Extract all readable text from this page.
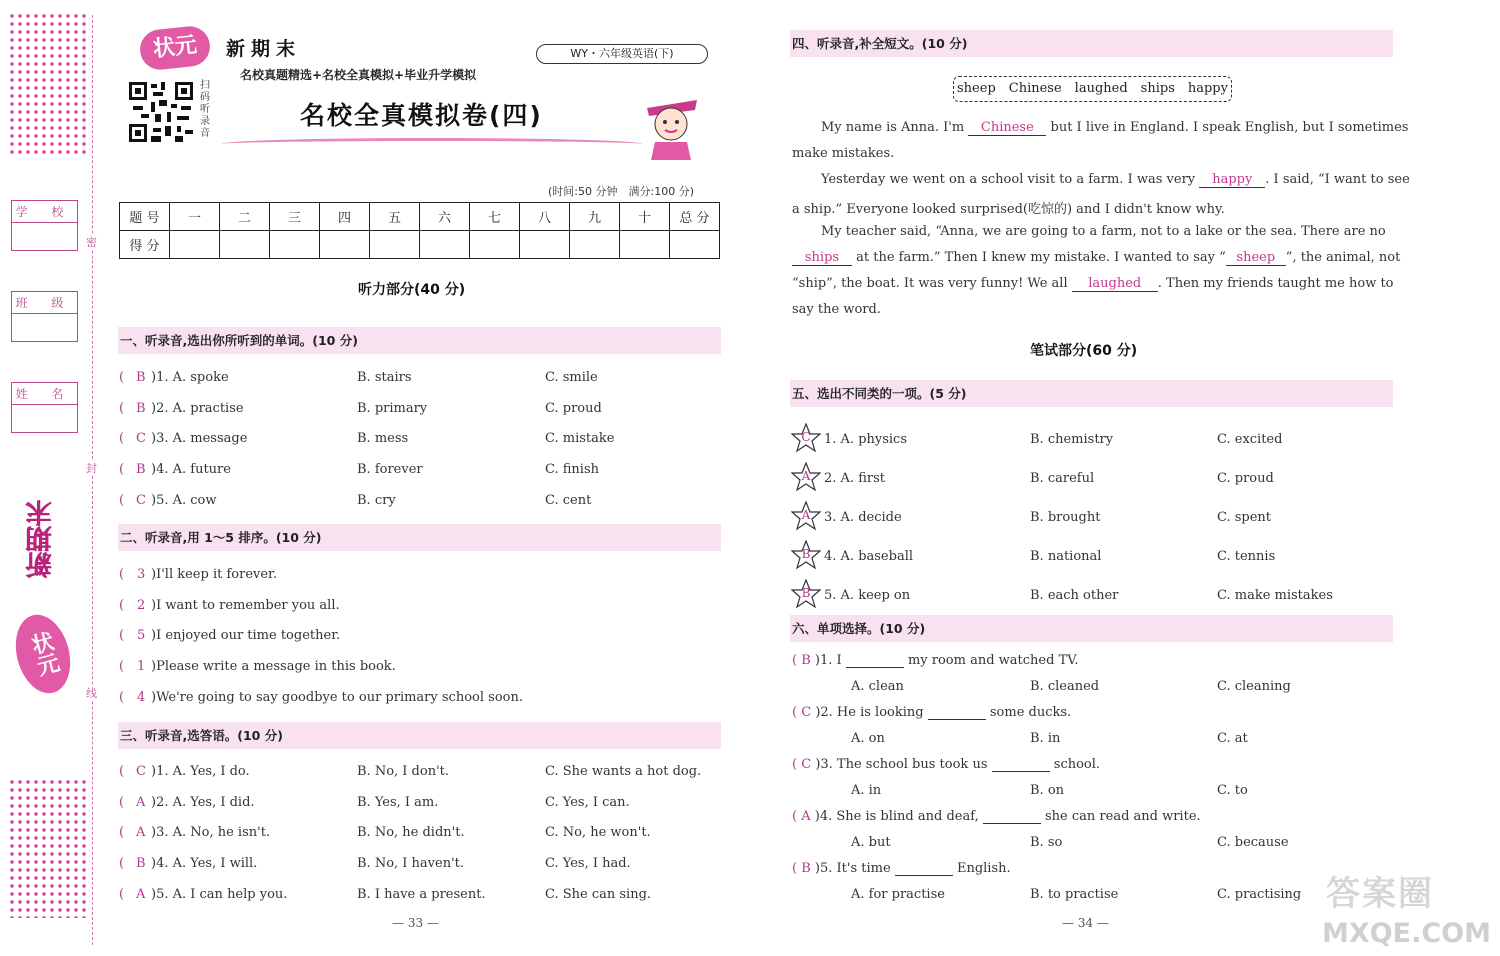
学 校
班 级
姓 名
新期末
状元
密
封
线
状元	新期末	WY・六年级英语(下)
名校真题精选+名校全真模拟+毕业升学模拟
扫码听录音
名校全真模拟卷(四)
(时间:50 分钟　满分:100 分)
题 号	一	二	三	四	五	六	七	八	九	十	总 分
得 分											
听力部分(40 分)
一、听录音,选出你所听到的单词。(10 分)
( B )1. A. spoke	B. stairs	C. smile
( B )2. A. practise	B. primary	C. proud
( C )3. A. message	B. mess	C. mistake
( B )4. A. future	B. forever	C. finish
( C )5. A. cow	B. cry	C. cent
二、听录音,用 1～5 排序。(10 分)
( 3 )I'll keep it forever.
( 2 )I want to remember you all.
( 5 )I enjoyed our time together.
( 1 )Please write a message in this book.
( 4 )We're going to say goodbye to our primary school soon.
三、听录音,选答语。(10 分)
( C )1. A. Yes, I do.	B. No, I don't.	C. She wants a hot dog.
( A )2. A. Yes, I did.	B. Yes, I am.	C. Yes, I can.
( A )3. A. No, he isn't.	B. No, he didn't.	C. No, he won't.
( B )4. A. Yes, I will.	B. No, I haven't.	C. Yes, I had.
( A )5. A. I can help you.	B. I have a present.	C. She can sing.
— 33 —
四、听录音,补全短文。(10 分)
sheep　Chinese　laughed　ships　happy
My name is Anna. I'm Chinese but I live in England. I speak English, but I sometimes
make mistakes.
Yesterday we went on a school visit to a farm. I was very happy . I said, “I want to see
a ship.” Everyone looked surprised(吃惊的) and I didn't know why.
My teacher said, “Anna, we are going to a farm, not to a lake or the sea. There are no
ships at the farm.” Then I knew my mistake. I wanted to say “ sheep ”, the animal, not
“ship”, the boat. It was very funny! We all laughed . Then my friends taught me how to
say the word.
笔试部分(60 分)
五、选出不同类的一项。(5 分)
C	1. A. physics	B. chemistry	C. excited
A	2. A. first	B. careful	C. proud
A	3. A. decide	B. brought	C. spent
B	4. A. baseball	B. national	C. tennis
B	5. A. keep on	B. each other	C. make mistakes
六、单项选择。(10 分)
( B )1. I	my room and watched TV.
A. clean	B. cleaned	C. cleaning
( C )2. He is looking	some ducks.
A. on	B. in	C. at
( C )3. The school bus took us	school.
A. in	B. on	C. to
( A )4. She is blind and deaf,	she can read and write.
A. but	B. so	C. because
( B )5. It's time	English.
A. for practise	B. to practise	C. practising
— 34 —
答案圈
MXQE.COM
